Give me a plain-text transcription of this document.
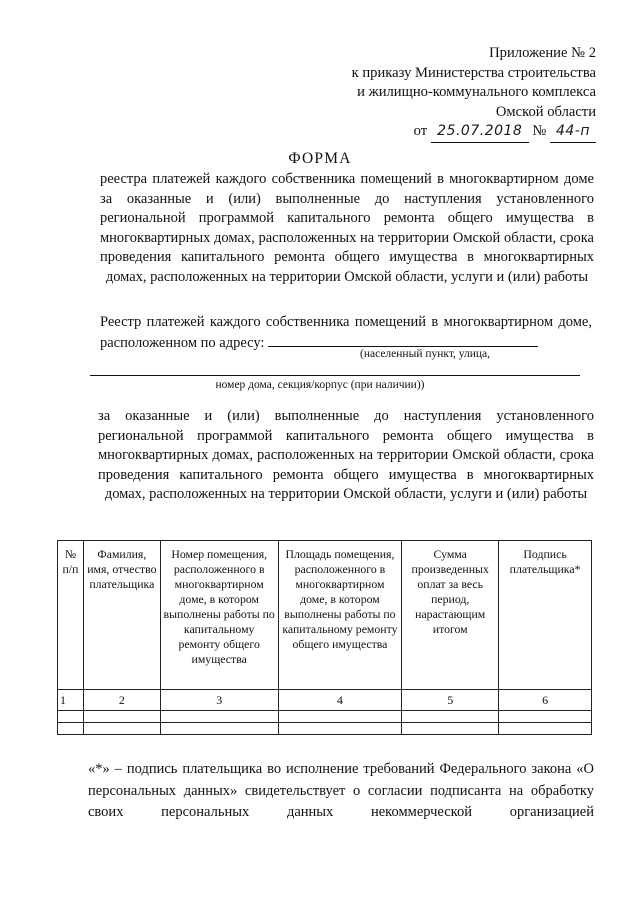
Приложение № 2
к приказу Министерства строительства
и жилищно-коммунального комплекса
Омской области
от 25.07.2018 № 44-п
ФОРМА

реестра платежей каждого собственника помещений в многоквартирном доме за оказанные и (или) выполненные до наступления установленного региональной программой капитального ремонта общего имущества в многоквартирных домах, расположенных на территории Омской области, срока проведения капитального ремонта общего имущества в многоквартирных домах, расположенных на территории Омской области, услуги и (или) работы

Реестр платежей каждого собственника помещений в многоквартирном доме, расположенном по адресу:
(населенный пункт, улица,
номер дома, секция/корпус (при наличии))

за оказанные и (или) выполненные до наступления установленного региональной программой капитального ремонта общего имущества в многоквартирных домах, расположенных на территории Омской области, срока проведения капитального ремонта общего имущества в многоквартирных домах, расположенных на территории Омской области, услуги и (или) работы

№ п/п	Фамилия, имя, отчество плательщика	Номер помещения, расположенного в многоквартирном доме, в котором выполнены работы по капитальному ремонту общего имущества	Площадь помещения, расположенного в многоквартирном доме, в котором выполнены работы по капитальному ремонту общего имущества	Сумма произведенных оплат за весь период, нарастающим итогом	Подпись плательщика*
1	2	3	4	5	6

«*» – подпись плательщика во исполнение требований Федерального закона «О персональных данных» свидетельствует о согласии подписанта на обработку своих персональных данных некоммерческой организацией
